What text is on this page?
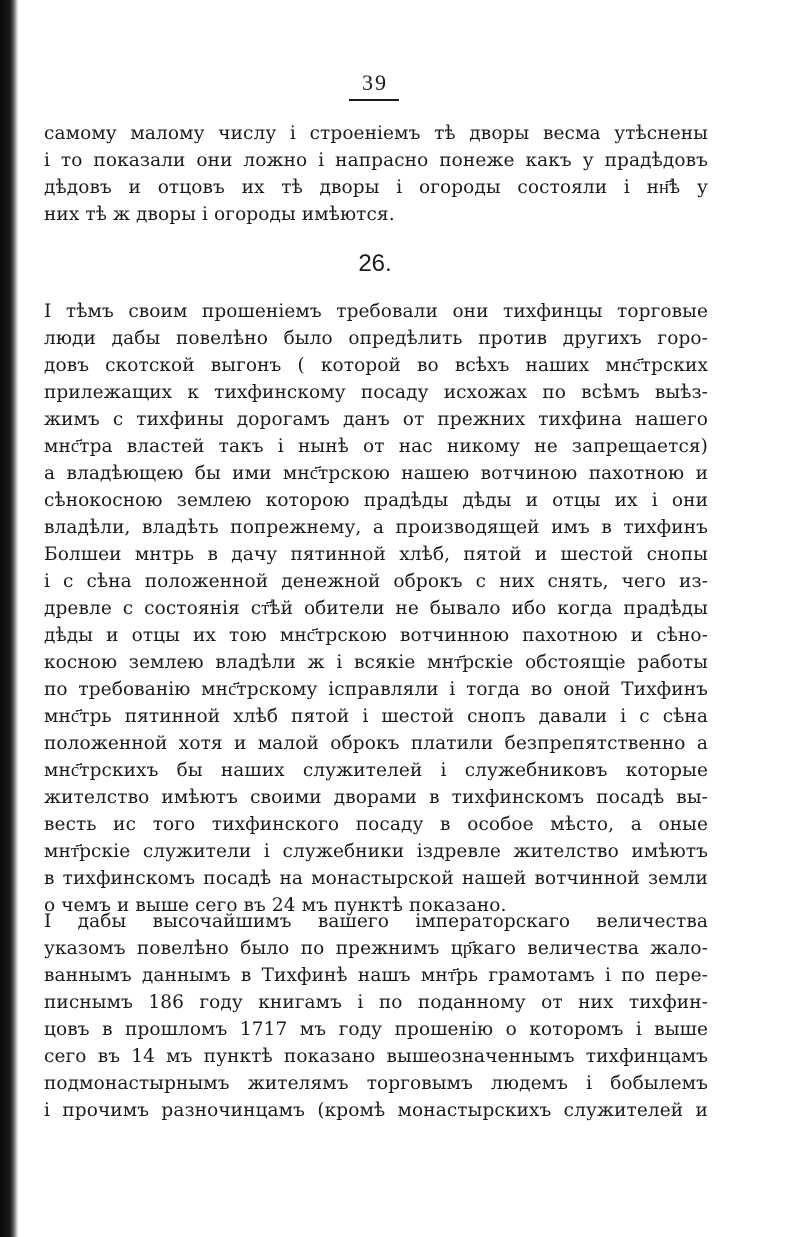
39
самому малому числу і строеніемъ тѣ дворы весма утѣснены
і то показали они ложно і напрасно понеже какъ у прадѣдовъ
дѣдовъ и отцовъ их тѣ дворы і огороды состояли і нн҃ѣ у
них тѣ ж дворы і огороды имѣются.
26.
І тѣмъ своим прошеніемъ требовали они тихфинцы торговые
люди дабы повелѣно было опредѣлить против другихъ горо-
довъ скотской выгонъ ( которой во всѣхъ наших мнс҃трских
прилежащих к тихфинскому посаду исхожах по всѣмъ выѣз-
жимъ с тихфины дорогамъ данъ от прежних тихфина нашего
мнс҃тра властей такъ і нынѣ от нас никому не запрещается)
а владѣющею бы ими мнс҃трскою нашею вотчиною пахотною и
сѣнокосною землею которою прадѣды дѣды и отцы их і они
владѣли, владѣть попрежнему, а производящей имъ в тихфинъ
Болшеи мнтрь в дачу пятинной хлѣб, пятой и шестой снопы
і с сѣна положенной денежной оброкъ с них снять, чего из-
древле с состоянія ст҃ѣй обители не бывало ибо когда прадѣды
дѣды и отцы их тою мнс҃трскою вотчинною пахотною и сѣно-
косною землею владѣли ж і всякіе мнт҃рскіе обстоящіе работы
по требованію мнс҃трскому іcправляли і тогда во оной Тихфинъ
мнс҃трь пятинной хлѣб пятой і шестой снопъ давали і с сѣна
положенной хотя и малой оброкъ платили безпрепятственно а
мнс҃трскихъ бы наших служителей і служебниковъ которые
жителство имѣютъ своими дворами в тихфинскомъ посадѣ вы-
весть ис того тихфинского посаду в особое мѣсто, а оные
мнт҃рскіе служители і служебники іздревле жителство имѣютъ
в тихфинскомъ посадѣ на монастырской нашей вотчинной земли
о чемъ и выше сего въ 24 мъ пунктѣ показано.
І дабы высочайшимъ вашего імператорскаго величества
указомъ повелѣно было по прежнимъ цр҃каго величества жало-
ваннымъ даннымъ в Тихфинѣ нашъ мнт҃рь грамотамъ і по пере-
писнымъ 186 году книгамъ і по поданному от них тихфин-
цовъ в прошломъ 1717 мъ году прошенію о которомъ і выше
сего въ 14 мъ пунктѣ показано вышеозначеннымъ тихфинцамъ
подмонастырнымъ жителямъ торговымъ людемъ і бобылемъ
і прочимъ разночинцамъ (кромѣ монастырскихъ служителей и
